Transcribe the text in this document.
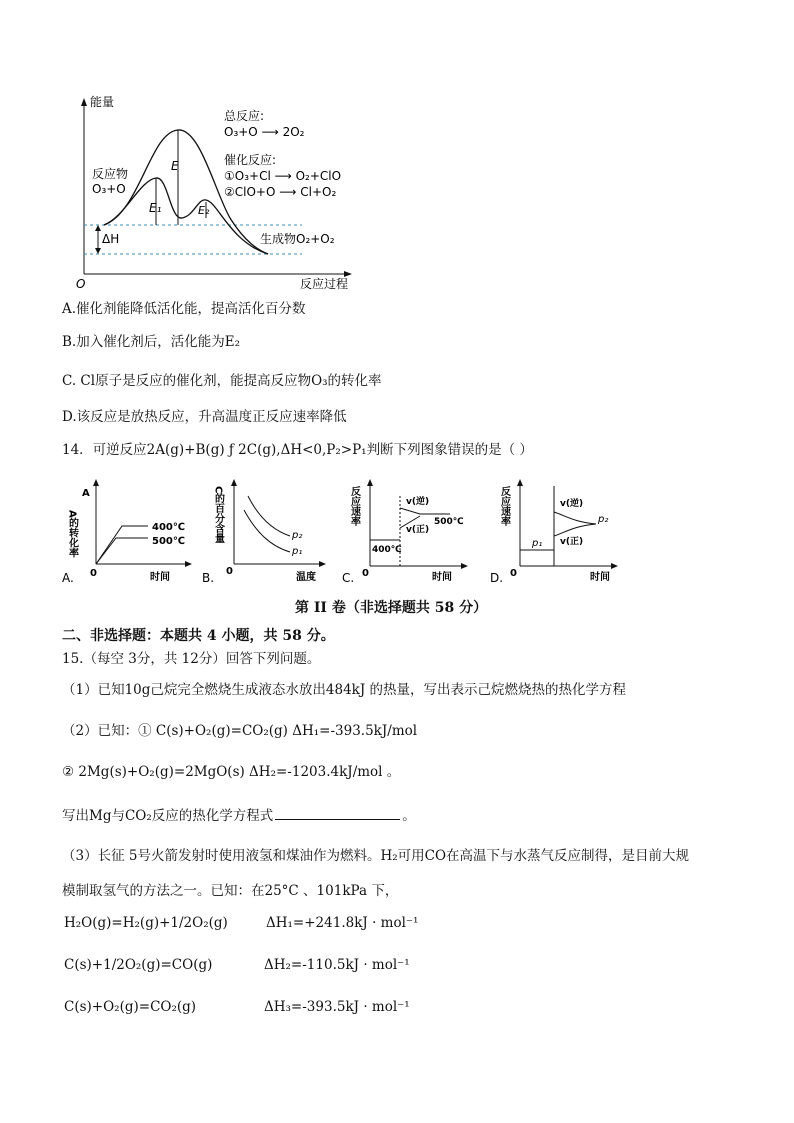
能量
反应过程
O
E
E₁	E₂
ΔH
反应物
O₃+O
生成物O₂+O₂
总反应:
O₃+O ⟶ 2O₂
催化反应:
①O₃+Cl ⟶ O₂+ClO
②ClO+O ⟶ Cl+O₂
A.催化剂能降低活化能，提高活化百分数
B.加入催化剂后，活化能为E₂
C. Cl原子是反应的催化剂，能提高反应物O₃的转化率
D.该反应是放热反应，升高温度正反应速率降低
14．可逆反应2A(g)+B(g) ƒ 2C(g),ΔH<0,P₂>P₁判断下列图象错误的是（ ）
A.
A
A的转化率
时间
0
400℃
500℃
B.
C的百分含量
温度
0
p₂
p₁
C.
反应速率
时间
0
v(逆)
v(正)
500℃
400℃
D.
反应速率
时间
0
v(逆)
v(正)
p₁
p₂
第 II 卷（非选择题共 58 分）
二、非选择题：本题共 4 小题，共 58 分。
15.（每空 3分，共 12分）回答下列问题。
（1）已知10g己烷完全燃烧生成液态水放出484kJ 的热量，写出表示己烷燃烧热的热化学方程
（2）已知：① C(s)+O₂(g)=CO₂(g) ΔH₁=-393.5kJ/mol
② 2Mg(s)+O₂(g)=2MgO(s) ΔH₂=-1203.4kJ/mol 。
写出Mg与CO₂反应的热化学方程式	。
（3）长征 5号火箭发射时使用液氢和煤油作为燃料。H₂可用CO在高温下与水蒸气反应制得，是目前大规
模制取氢气的方法之一。已知：在25°C 、101kPa 下，
H₂O(g)=H₂(g)+1/2O₂(g)	ΔH₁=+241.8kJ · mol⁻¹
C(s)+1/2O₂(g)=CO(g)	ΔH₂=-110.5kJ · mol⁻¹
C(s)+O₂(g)=CO₂(g)	ΔH₃=-393.5kJ · mol⁻¹
